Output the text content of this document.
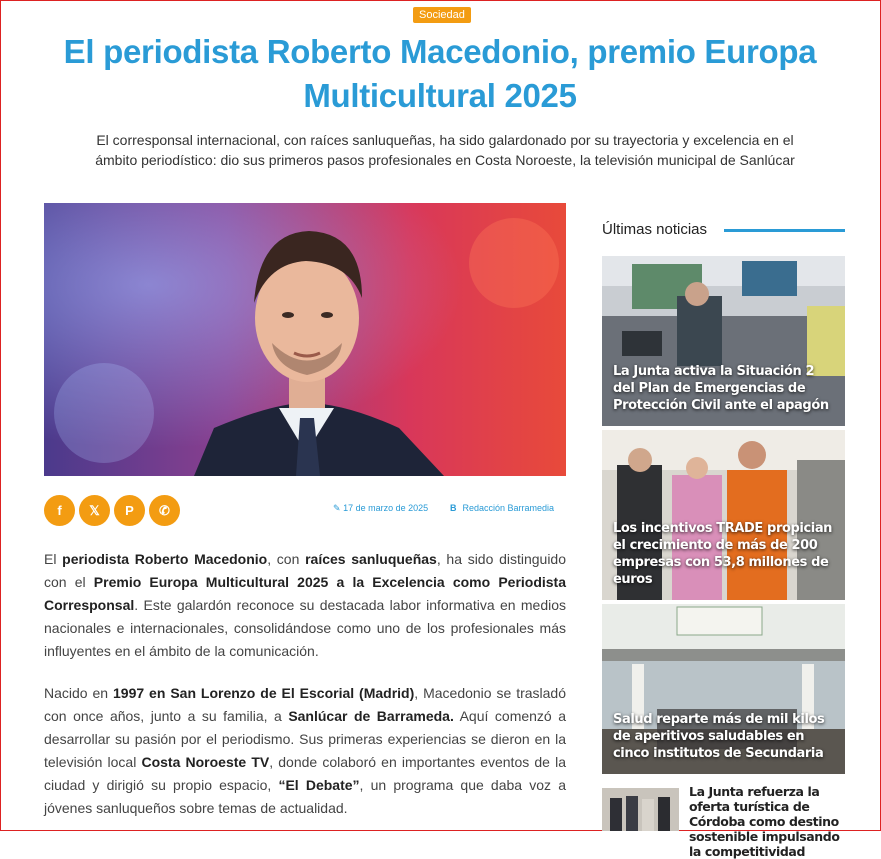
Sociedad
El periodista Roberto Macedonio, premio Europa Multicultural 2025

El corresponsal internacional, con raíces sanluqueñas, ha sido galardonado por su trayectoria y excelencia en el ámbito periodístico: dio sus primeros pasos profesionales en Costa Noroeste, la televisión municipal de Sanlúcar

f	𝕏	P	✆	✎ 17 de marzo de 2025 B Redacción Barramedia

El periodista Roberto Macedonio, con raíces sanluqueñas, ha sido distinguido con el Premio Europa Multicultural 2025 a la Excelencia como Periodista Corresponsal. Este galardón reconoce su destacada labor informativa en medios nacionales e internacionales, consolidándose como uno de los profesionales más influyentes en el ámbito de la comunicación.

Nacido en 1997 en San Lorenzo de El Escorial (Madrid), Macedonio se trasladó con once años, junto a su familia, a Sanlúcar de Barrameda. Aquí comenzó a desarrollar su pasión por el periodismo. Sus primeras experiencias se dieron en la televisión local Costa Noroeste TV, donde colaboró en importantes eventos de la ciudad y dirigió su propio espacio, “El Debate”, un programa que daba voz a jóvenes sanluqueños sobre temas de actualidad.

Últimas noticias
La Junta activa la Situación 2 del Plan de Emergencias de Protección Civil ante el apagón
Los incentivos TRADE propician el crecimiento de más de 200 empresas con 53,8 millones de euros
Salud reparte más de mil kilos de aperitivos saludables en cinco institutos de Secundaria
La Junta refuerza la oferta turística de Córdoba como destino sostenible impulsando la competitividad
